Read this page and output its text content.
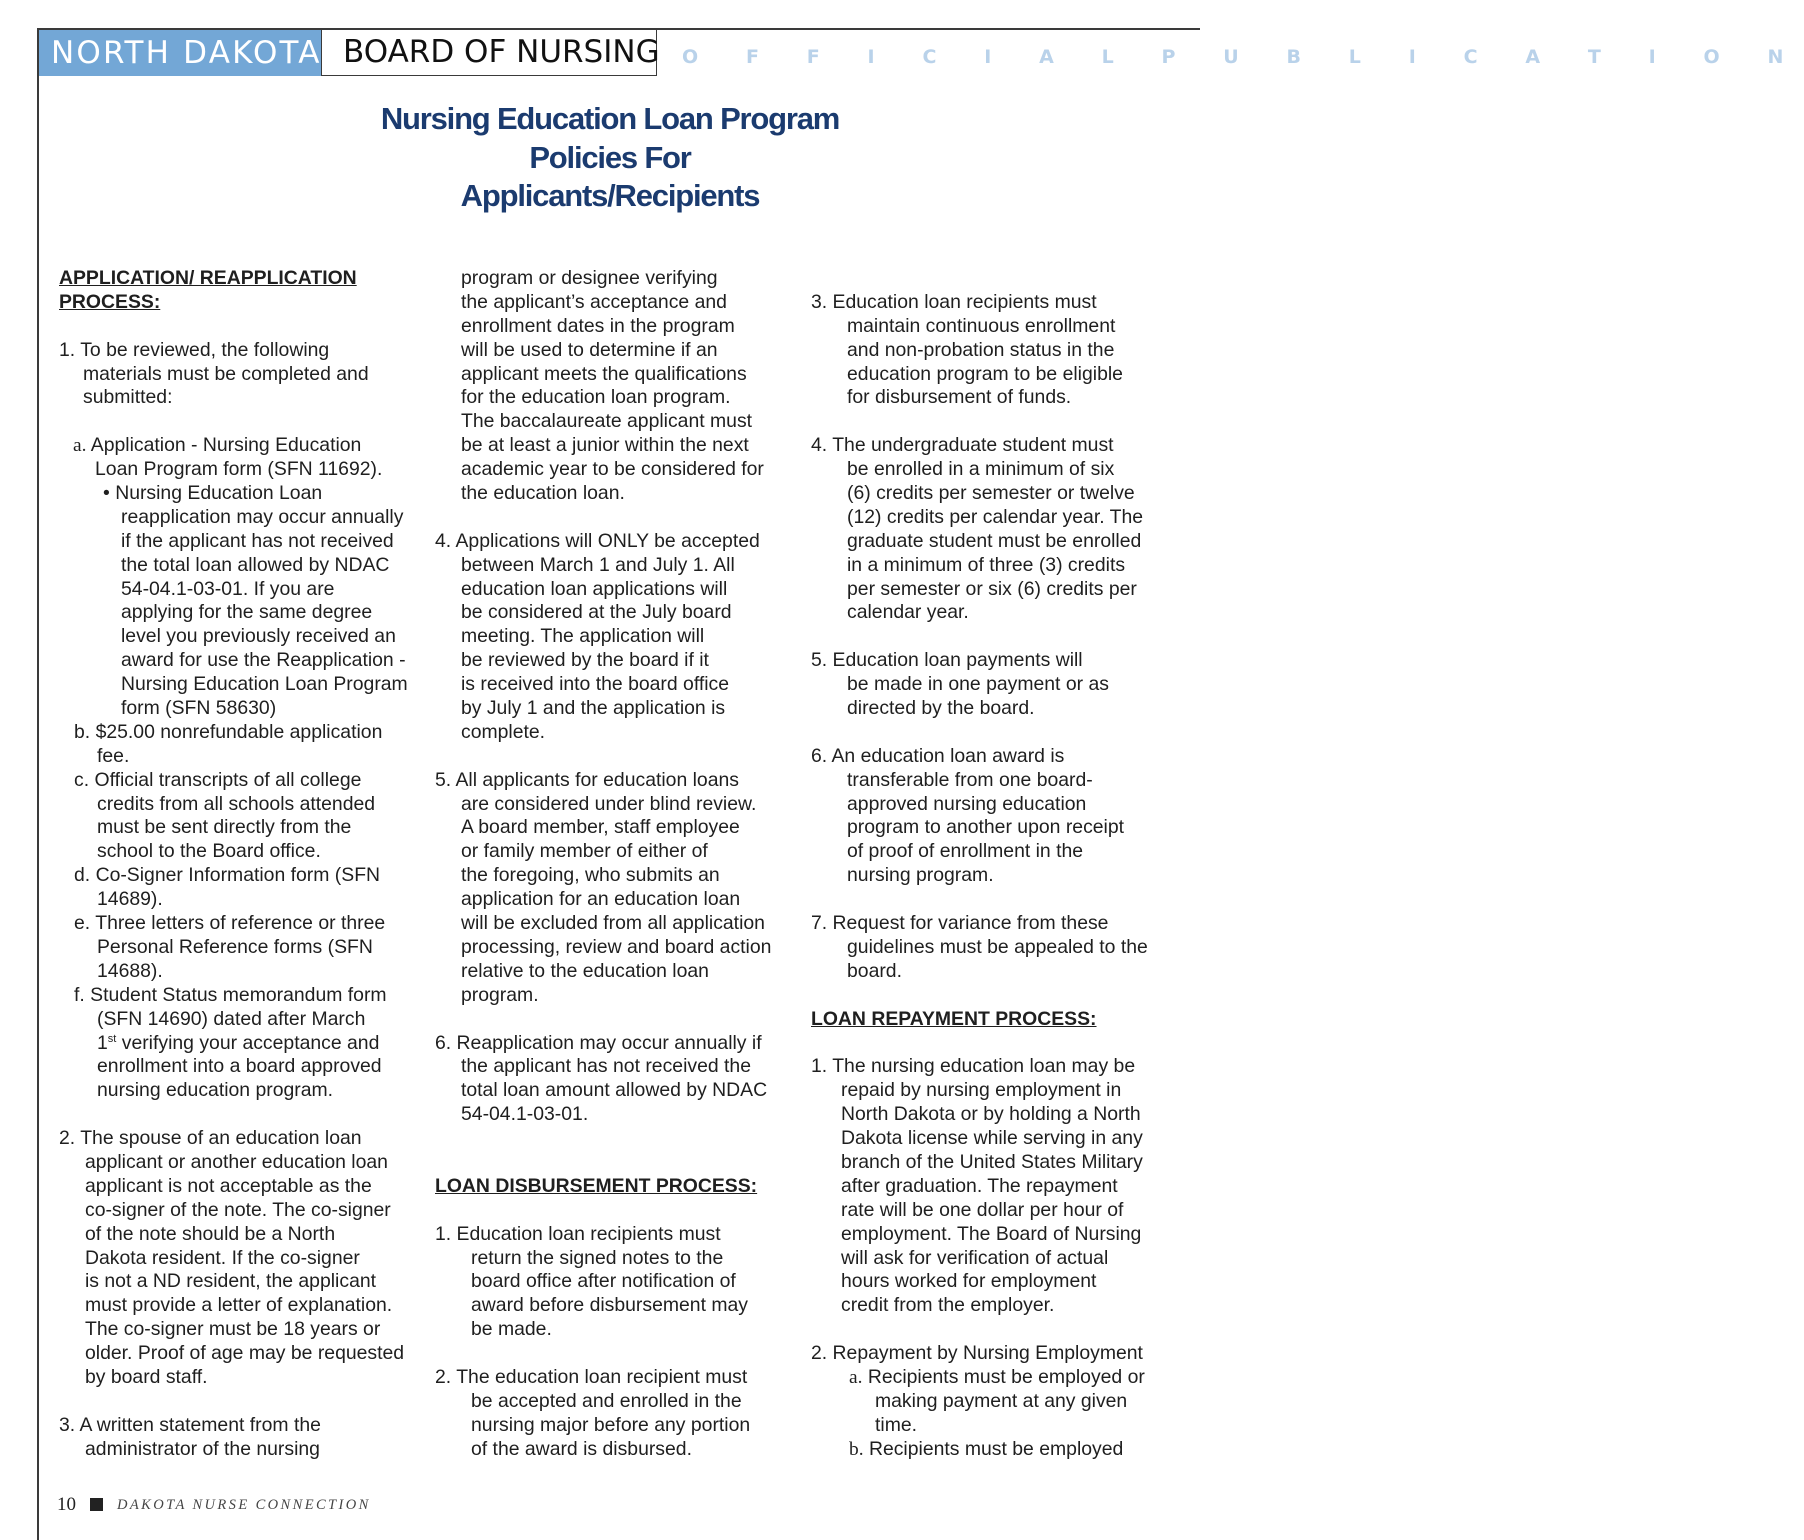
NORTH DAKOTA BOARD OF NURSING O F F I C I A L P U B L I C A T I O N
Nursing Education Loan Program
Policies For
Applicants/Recipients
APPLICATION/ REAPPLICATION
PROCESS:
1. To be reviewed, the following
materials must be completed and
submitted:
a. Application - Nursing Education
Loan Program form (SFN 11692).
• Nursing Education Loan
reapplication may occur annually
if the applicant has not received
the total loan allowed by NDAC
54-04.1-03-01. If you are
applying for the same degree
level you previously received an
award for use the Reapplication -
Nursing Education Loan Program
form (SFN 58630)
b. $25.00 nonrefundable application
fee.
c. Official transcripts of all college
credits from all schools attended
must be sent directly from the
school to the Board office.
d. Co-Signer Information form (SFN
14689).
e. Three letters of reference or three
Personal Reference forms (SFN
14688).
f. Student Status memorandum form
(SFN 14690) dated after March
1st verifying your acceptance and
enrollment into a board approved
nursing education program.
2. The spouse of an education loan
applicant or another education loan
applicant is not acceptable as the
co-signer of the note. The co-signer
of the note should be a North
Dakota resident. If the co-signer
is not a ND resident, the applicant
must provide a letter of explanation.
The co-signer must be 18 years or
older. Proof of age may be requested
by board staff.
3. A written statement from the
administrator of the nursing
program or designee verifying
the applicant’s acceptance and
enrollment dates in the program
will be used to determine if an
applicant meets the qualifications
for the education loan program.
The baccalaureate applicant must
be at least a junior within the next
academic year to be considered for
the education loan.
4. Applications will ONLY be accepted
between March 1 and July 1. All
education loan applications will
be considered at the July board
meeting. The application will
be reviewed by the board if it
is received into the board office
by July 1 and the application is
complete.
5. All applicants for education loans
are considered under blind review.
A board member, staff employee
or family member of either of
the foregoing, who submits an
application for an education loan
will be excluded from all application
processing, review and board action
relative to the education loan
program.
6. Reapplication may occur annually if
the applicant has not received the
total loan amount allowed by NDAC
54-04.1-03-01.
LOAN DISBURSEMENT PROCESS:
1. Education loan recipients must
return the signed notes to the
board office after notification of
award before disbursement may
be made.
2. The education loan recipient must
be accepted and enrolled in the
nursing major before any portion
of the award is disbursed.
3. Education loan recipients must
maintain continuous enrollment
and non-probation status in the
education program to be eligible
for disbursement of funds.
4. The undergraduate student must
be enrolled in a minimum of six
(6) credits per semester or twelve
(12) credits per calendar year. The
graduate student must be enrolled
in a minimum of three (3) credits
per semester or six (6) credits per
calendar year.
5. Education loan payments will
be made in one payment or as
directed by the board.
6. An education loan award is
transferable from one board-
approved nursing education
program to another upon receipt
of proof of enrollment in the
nursing program.
7. Request for variance from these
guidelines must be appealed to the
board.
LOAN REPAYMENT PROCESS:
1. The nursing education loan may be
repaid by nursing employment in
North Dakota or by holding a North
Dakota license while serving in any
branch of the United States Military
after graduation. The repayment
rate will be one dollar per hour of
employment. The Board of Nursing
will ask for verification of actual
hours worked for employment
credit from the employer.
2. Repayment by Nursing Employment
a. Recipients must be employed or
making payment at any given
time.
b. Recipients must be employed
10	DAKOTA NURSE CONNECTION
